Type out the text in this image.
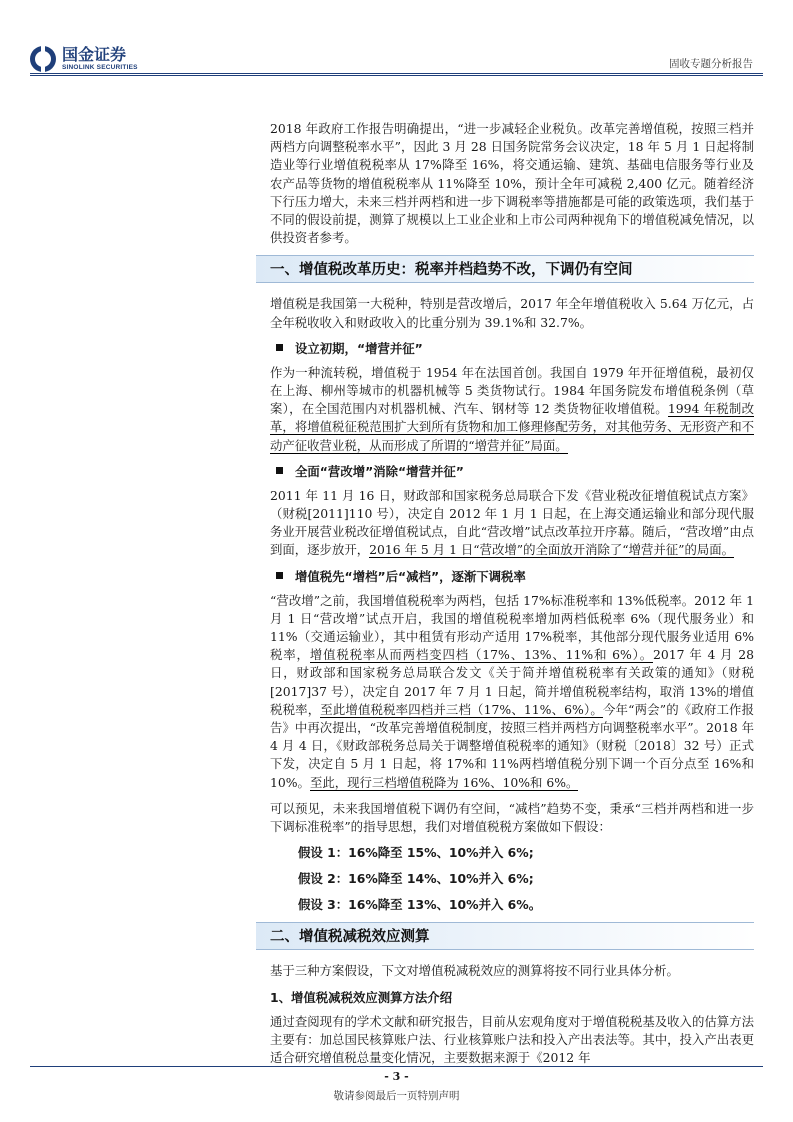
国金证券
SINOLINK SECURITIES	固收专题分析报告

2018 年政府工作报告明确提出，“进一步减轻企业税负。改革完善增值税，按照三档并两档方向调整税率水平”，因此 3 月 28 日国务院常务会议决定，18 年 5 月 1 日起将制造业等行业增值税税率从 17%降至 16%，将交通运输、建筑、基础电信服务等行业及农产品等货物的增值税税率从 11%降至 10%，预计全年可减税 2,400 亿元。随着经济下行压力增大，未来三档并两档和进一步下调税率等措施都是可能的政策选项，我们基于不同的假设前提，测算了规模以上工业企业和上市公司两种视角下的增值税减免情况，以供投资者参考。

一、增值税改革历史：税率并档趋势不改，下调仍有空间

增值税是我国第一大税种，特别是营改增后，2017 年全年增值税收入 5.64 万亿元，占全年税收收入和财政收入的比重分别为 39.1%和 32.7%。

设立初期，“增营并征”

作为一种流转税，增值税于 1954 年在法国首创。我国自 1979 年开征增值税，最初仅在上海、柳州等城市的机器机械等 5 类货物试行。1984 年国务院发布增值税条例（草案），在全国范围内对机器机械、汽车、钢材等 12 类货物征收增值税。1994 年税制改革，将增值税征税范围扩大到所有货物和加工修理修配劳务，对其他劳务、无形资产和不动产征收营业税，从而形成了所谓的“增营并征”局面。

全面“营改增”消除“增营并征”

2011 年 11 月 16 日，财政部和国家税务总局联合下发《营业税改征增值税试点方案》（财税[2011]110 号），决定自 2012 年 1 月 1 日起，在上海交通运输业和部分现代服务业开展营业税改征增值税试点，自此“营改增”试点改革拉开序幕。随后，“营改增”由点到面，逐步放开，2016 年 5 月 1 日“营改增”的全面放开消除了“增营并征”的局面。

增值税先“增档”后“减档”，逐渐下调税率

“营改增”之前，我国增值税税率为两档，包括 17%标准税率和 13%低税率。2012 年 1 月 1 日“营改增”试点开启，我国的增值税税率增加两档低税率 6%（现代服务业）和 11%（交通运输业），其中租赁有形动产适用 17%税率，其他部分现代服务业适用 6%税率，增值税税率从而两档变四档（17%、13%、11%和 6%）。2017 年 4 月 28 日，财政部和国家税务总局联合发文《关于简并增值税税率有关政策的通知》（财税[2017]37 号），决定自 2017 年 7 月 1 日起，简并增值税税率结构，取消 13%的增值税税率，至此增值税税率四档并三档（17%、11%、6%）。今年“两会”的《政府工作报告》中再次提出，“改革完善增值税制度，按照三档并两档方向调整税率水平”。2018 年 4 月 4 日，《财政部税务总局关于调整增值税税率的通知》（财税〔2018〕32 号）正式下发，决定自 5 月 1 日起，将 17%和 11%两档增值税分别下调一个百分点至 16%和 10%。至此，现行三档增值税降为 16%、10%和 6%。

可以预见，未来我国增值税下调仍有空间，“减档”趋势不变，秉承“三档并两档和进一步下调标准税率”的指导思想，我们对增值税税方案做如下假设：

假设 1：16%降至 15%、10%并入 6%;
假设 2：16%降至 14%、10%并入 6%;
假设 3：16%降至 13%、10%并入 6%。
二、增值税减税效应测算

基于三种方案假设，下文对增值税减税效应的测算将按不同行业具体分析。

1、增值税减税效应测算方法介绍

通过查阅现有的学术文献和研究报告，目前从宏观角度对于增值税税基及收入的估算方法主要有：加总国民核算账户法、行业核算账户法和投入产出表法等。其中，投入产出表更适合研究增值税总量变化情况，主要数据来源于《2012 年

- 3 -
敬请参阅最后一页特别声明
